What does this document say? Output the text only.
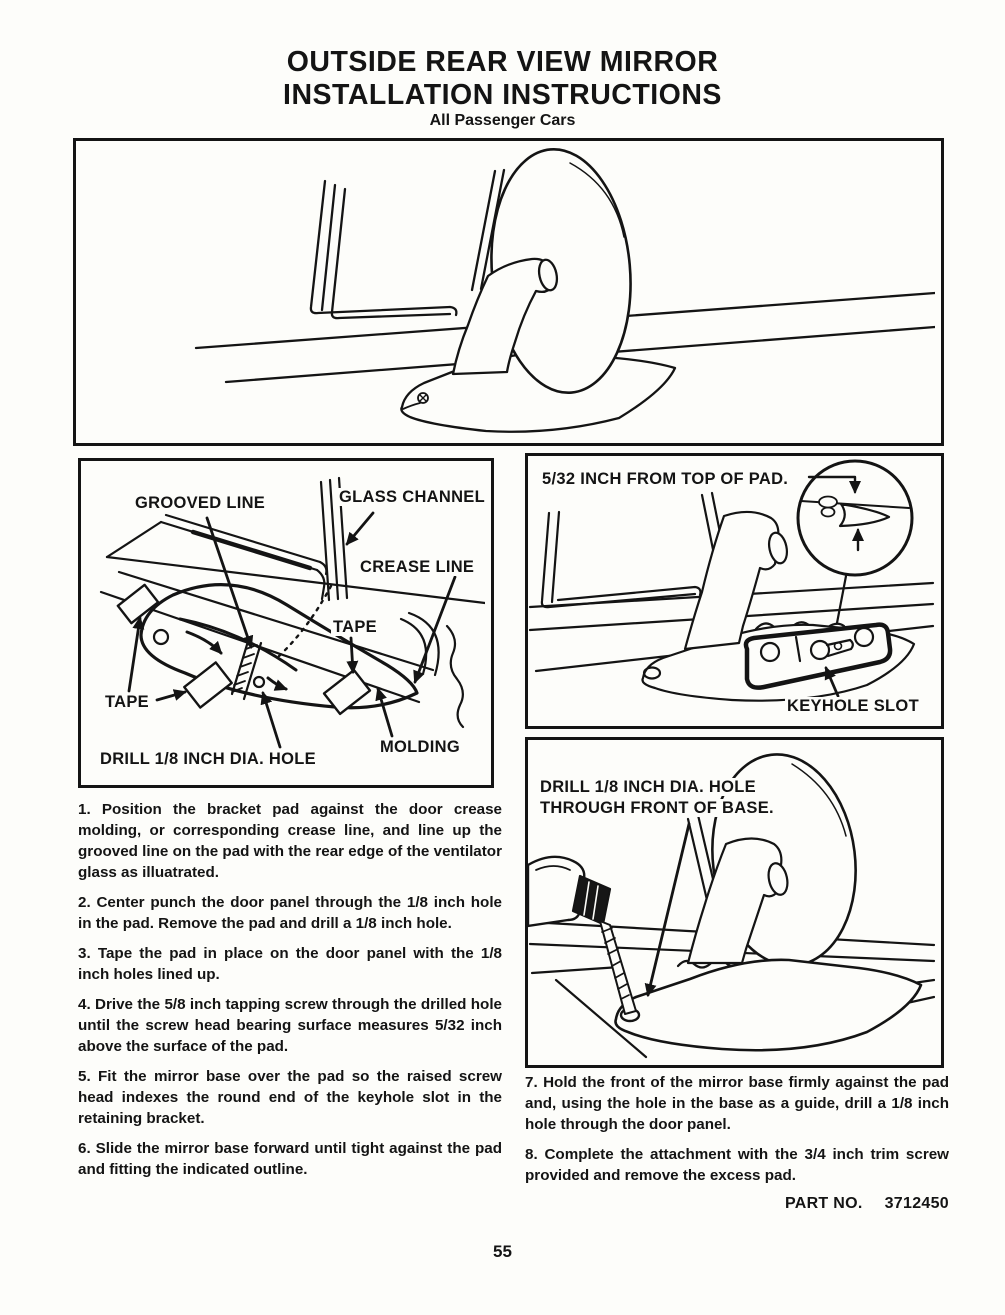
OUTSIDE REAR VIEW MIRROR
INSTALLATION INSTRUCTIONS
All Passenger Cars
GROOVED LINE	GLASS CHANNEL
CREASE LINE
TAPE
TAPE
DRILL 1/8 INCH DIA. HOLE
MOLDING
5/32 INCH FROM TOP OF PAD.
KEYHOLE SLOT
DRILL 1/8 INCH DIA. HOLE
THROUGH FRONT OF BASE.

1. Position the bracket pad against the door crease molding, or corresponding crease line, and line up the grooved line on the pad with the rear edge of the ventilator glass as illuatrated.

2. Center punch the door panel through the 1/8 inch hole in the pad. Remove the pad and drill a 1/8 inch hole.

3. Tape the pad in place on the door panel with the 1/8 inch holes lined up.

4. Drive the 5/8 inch tapping screw through the drilled hole until the screw head bearing surface measures 5/32 inch above the surface of the pad.

5. Fit the mirror base over the pad so the raised screw head indexes the round end of the keyhole slot in the retaining bracket.

6. Slide the mirror base forward until tight against the pad and fitting the indicated outline.

7. Hold the front of the mirror base firmly against the pad and, using the hole in the base as a guide, drill a 1/8 inch hole through the door panel.

8. Complete the attachment with the 3/4 inch trim screw provided and remove the excess pad.

PART NO. 3712450
55
